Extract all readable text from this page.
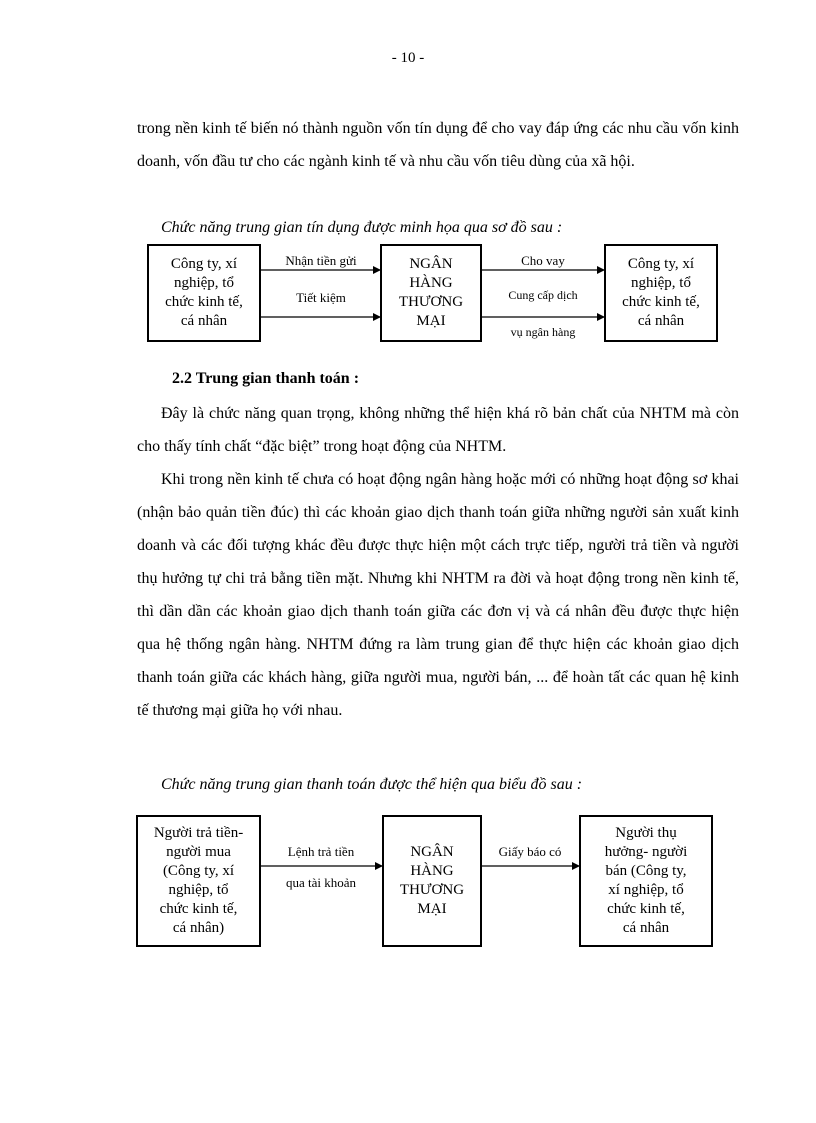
- 10 -

trong nền kinh tế biến nó thành nguồn vốn tín dụng để cho vay đáp ứng các nhu cầu vốn kinh doanh, vốn đầu tư cho các ngành kinh tế và nhu cầu vốn tiêu dùng của xã hội.

Chức năng trung gian tín dụng được minh họa qua sơ đồ sau :
Công ty, xí
nghiệp, tổ
chức kinh tế,
cá nhân
NGÂN
HÀNG
THƯƠNG
MẠI
Công ty, xí
nghiệp, tổ
chức kinh tế,
cá nhân
Nhận tiền gửi
Tiết kiệm
Cho vay
Cung cấp dịch
vụ ngân hàng
2.2 Trung gian thanh toán :

Đây là chức năng quan trọng, không những thể hiện khá rõ bản chất của NHTM mà còn cho thấy tính chất “đặc biệt” trong hoạt động của NHTM.

Khi trong nền kinh tế chưa có hoạt động ngân hàng hoặc mới có những hoạt động sơ khai (nhận bảo quản tiền đúc) thì các khoản giao dịch thanh toán giữa những người sản xuất kinh doanh và các đối tượng khác đều được thực hiện một cách trực tiếp, người trả tiền và người thụ hưởng tự chi trả bằng tiền mặt. Nhưng khi NHTM ra đời và hoạt động trong nền kinh tế, thì dần dần các khoản giao dịch thanh toán giữa các đơn vị và cá nhân đều được thực hiện qua hệ thống ngân hàng. NHTM đứng ra làm trung gian để thực hiện các khoản giao dịch thanh toán giữa các khách hàng, giữa người mua, người bán, ... để hoàn tất các quan hệ kinh tế thương mại giữa họ với nhau.

Chức năng trung gian thanh toán được thể hiện qua biểu đồ sau :
Người trả tiền-
người mua
(Công ty, xí
nghiệp, tổ
chức kinh tế,
cá nhân)
NGÂN
HÀNG
THƯƠNG
MẠI
Người thụ
hưởng- người
bán (Công ty,
xí nghiệp, tổ
chức kinh tế,
cá nhân
Lệnh trả tiền
qua tài khoản
Giấy báo có
